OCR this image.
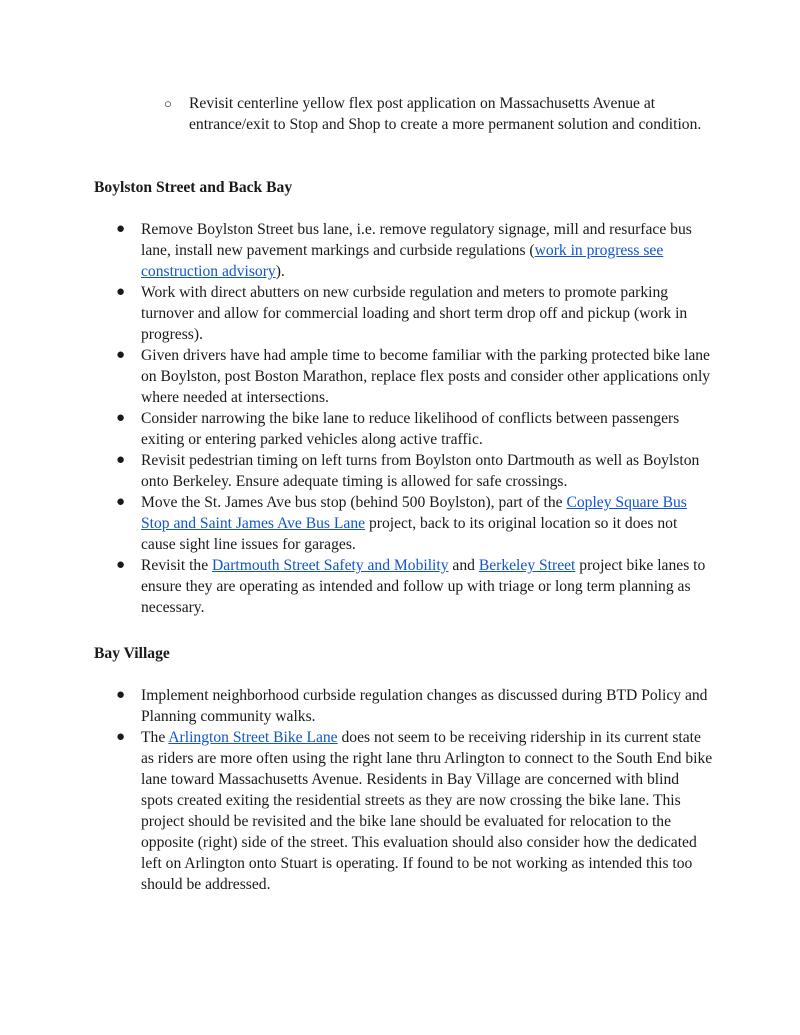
○ Revisit centerline yellow flex post application on Massachusetts Avenue at entrance/exit to Stop and Shop to create a more permanent solution and condition.
Boylston Street and Back Bay
● Remove Boylston Street bus lane, i.e. remove regulatory signage, mill and resurface bus lane, install new pavement markings and curbside regulations (work in progress see construction advisory).
● Work with direct abutters on new curbside regulation and meters to promote parking turnover and allow for commercial loading and short term drop off and pickup (work in progress).
● Given drivers have had ample time to become familiar with the parking protected bike lane on Boylston, post Boston Marathon, replace flex posts and consider other applications only where needed at intersections.
● Consider narrowing the bike lane to reduce likelihood of conflicts between passengers exiting or entering parked vehicles along active traffic.
● Revisit pedestrian timing on left turns from Boylston onto Dartmouth as well as Boylston onto Berkeley. Ensure adequate timing is allowed for safe crossings.
● Move the St. James Ave bus stop (behind 500 Boylston), part of the Copley Square Bus Stop and Saint James Ave Bus Lane project, back to its original location so it does not cause sight line issues for garages.
● Revisit the Dartmouth Street Safety and Mobility and Berkeley Street project bike lanes to ensure they are operating as intended and follow up with triage or long term planning as necessary.
Bay Village
● Implement neighborhood curbside regulation changes as discussed during BTD Policy and Planning community walks.
● The Arlington Street Bike Lane does not seem to be receiving ridership in its current state as riders are more often using the right lane thru Arlington to connect to the South End bike lane toward Massachusetts Avenue. Residents in Bay Village are concerned with blind spots created exiting the residential streets as they are now crossing the bike lane. This project should be revisited and the bike lane should be evaluated for relocation to the opposite (right) side of the street. This evaluation should also consider how the dedicated left on Arlington onto Stuart is operating. If found to be not working as intended this too should be addressed.
